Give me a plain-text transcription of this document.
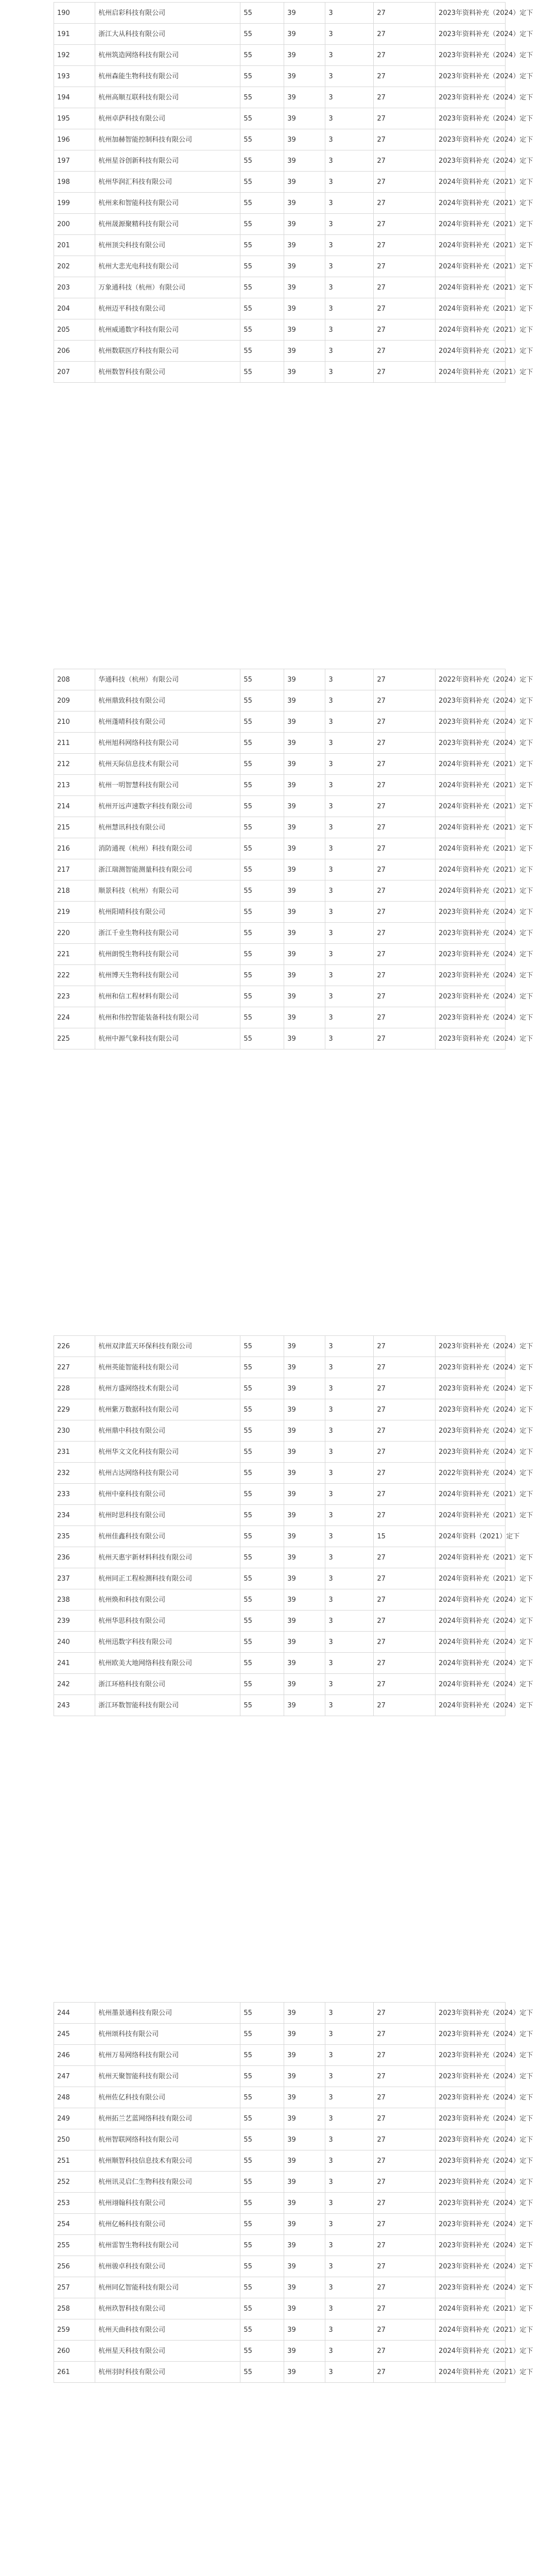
190	杭州启彩科技有限公司	55	39	3	27	2023年资料补充（2024）定下
191	浙江大从科技有限公司	55	39	3	27	2023年资料补充（2024）定下
192	杭州筑造网络科技有限公司	55	39	3	27	2023年资料补充（2024）定下
193	杭州森能生物科技有限公司	55	39	3	27	2023年资料补充（2024）定下
194	杭州高顺互联科技有限公司	55	39	3	27	2023年资料补充（2024）定下
195	杭州卓萨科技有限公司	55	39	3	27	2023年资料补充（2024）定下
196	杭州加赫智能控制科技有限公司	55	39	3	27	2023年资料补充（2024）定下
197	杭州星谷创新科技有限公司	55	39	3	27	2023年资料补充（2024）定下
198	杭州华润汇科技有限公司	55	39	3	27	2024年资料补充（2021）定下
199	杭州来和智能科技有限公司	55	39	3	27	2024年资料补充（2021）定下
200	杭州晟源聚精科技有限公司	55	39	3	27	2024年资料补充（2021）定下
201	杭州顶尖科技有限公司	55	39	3	27	2024年资料补充（2021）定下
202	杭州大悲光电科技有限公司	55	39	3	27	2024年资料补充（2021）定下
203	万象通科技（杭州）有限公司	55	39	3	27	2024年资料补充（2021）定下
204	杭州迈平科技有限公司	55	39	3	27	2024年资料补充（2021）定下
205	杭州威通数字科技有限公司	55	39	3	27	2024年资料补充（2021）定下
206	杭州数联医疗科技有限公司	55	39	3	27	2024年资料补充（2021）定下
207	杭州数智科技有限公司	55	39	3	27	2024年资料补充（2021）定下
208	华通科技（杭州）有限公司	55	39	3	27	2022年资料补充（2024）定下
209	杭州鼎致科技有限公司	55	39	3	27	2023年资料补充（2024）定下
210	杭州蓬晴科技有限公司	55	39	3	27	2023年资料补充（2024）定下
211	杭州旭科网络科技有限公司	55	39	3	27	2023年资料补充（2024）定下
212	杭州天际信息技术有限公司	55	39	3	27	2024年资料补充（2021）定下
213	杭州一明智慧科技有限公司	55	39	3	27	2024年资料补充（2021）定下
214	杭州开远声速数字科技有限公司	55	39	3	27	2024年资料补充（2021）定下
215	杭州慧讯科技有限公司	55	39	3	27	2024年资料补充（2021）定下
216	消防通视（杭州）科技有限公司	55	39	3	27	2024年资料补充（2021）定下
217	浙江瑞测智能测量科技有限公司	55	39	3	27	2024年资料补充（2021）定下
218	顺景科技（杭州）有限公司	55	39	3	27	2024年资料补充（2021）定下
219	杭州阳晴科技有限公司	55	39	3	27	2023年资料补充（2024）定下
220	浙江千业生物科技有限公司	55	39	3	27	2023年资料补充（2024）定下
221	杭州朗悦生物科技有限公司	55	39	3	27	2023年资料补充（2024）定下
222	杭州博天生物科技有限公司	55	39	3	27	2023年资料补充（2024）定下
223	杭州和信工程材料有限公司	55	39	3	27	2023年资料补充（2024）定下
224	杭州和伟控智能装备科技有限公司	55	39	3	27	2023年资料补充（2024）定下
225	杭州中源气象科技有限公司	55	39	3	27	2023年资料补充（2024）定下
226	杭州双津蓝天环保科技有限公司	55	39	3	27	2023年资料补充（2024）定下
227	杭州英能智能科技有限公司	55	39	3	27	2023年资料补充（2024）定下
228	杭州方盛网络技术有限公司	55	39	3	27	2023年资料补充（2024）定下
229	杭州紫万数据科技有限公司	55	39	3	27	2023年资料补充（2024）定下
230	杭州鼎中科技有限公司	55	39	3	27	2023年资料补充（2024）定下
231	杭州华文文化科技有限公司	55	39	3	27	2023年资料补充（2024）定下
232	杭州古达网络科技有限公司	55	39	3	27	2022年资料补充（2024）定下
233	杭州中豪科技有限公司	55	39	3	27	2024年资料补充（2021）定下
234	杭州时思科技有限公司	55	39	3	27	2024年资料补充（2021）定下
235	杭州佳鑫科技有限公司	55	39	3	15	2024年资料（2021）定下
236	杭州天惠宇新材料科技有限公司	55	39	3	27	2024年资料补充（2021）定下
237	杭州同正工程检测科技有限公司	55	39	3	27	2024年资料补充（2021）定下
238	杭州焕和科技有限公司	55	39	3	27	2024年资料补充（2024）定下
239	杭州华思科技有限公司	55	39	3	27	2024年资料补充（2024）定下
240	杭州迅数字科技有限公司	55	39	3	27	2024年资料补充（2024）定下
241	杭州欧美大地网络科技有限公司	55	39	3	27	2024年资料补充（2024）定下
242	浙江环格科技有限公司	55	39	3	27	2024年资料补充（2024）定下
243	浙江环数智能科技有限公司	55	39	3	27	2024年资料补充（2024）定下
244	杭州墨景通科技有限公司	55	39	3	27	2023年资料补充（2024）定下
245	杭州颂科技有限公司	55	39	3	27	2023年资料补充（2024）定下
246	杭州万易网络科技有限公司	55	39	3	27	2023年资料补充（2024）定下
247	杭州天聚智能科技有限公司	55	39	3	27	2023年资料补充（2024）定下
248	杭州佐亿科技有限公司	55	39	3	27	2023年资料补充（2024）定下
249	杭州拓兰艺蓝网络科技有限公司	55	39	3	27	2023年资料补充（2024）定下
250	杭州智联网络科技有限公司	55	39	3	27	2023年资料补充（2024）定下
251	杭州顺智科技信息技术有限公司	55	39	3	27	2023年资料补充（2024）定下
252	杭州讯灵启仁生物科技有限公司	55	39	3	27	2023年资料补充（2024）定下
253	杭州翊翰科技有限公司	55	39	3	27	2023年资料补充（2024）定下
254	杭州亿畅科技有限公司	55	39	3	27	2023年资料补充（2024）定下
255	杭州雷智生物科技有限公司	55	39	3	27	2023年资料补充（2024）定下
256	杭州骏卓科技有限公司	55	39	3	27	2023年资料补充（2024）定下
257	杭州同亿智能科技有限公司	55	39	3	27	2023年资料补充（2024）定下
258	杭州玖智科技有限公司	55	39	3	27	2024年资料补充（2021）定下
259	杭州天曲科技有限公司	55	39	3	27	2024年资料补充（2021）定下
260	杭州星天科技有限公司	55	39	3	27	2024年资料补充（2021）定下
261	杭州羽时科技有限公司	55	39	3	27	2024年资料补充（2021）定下
